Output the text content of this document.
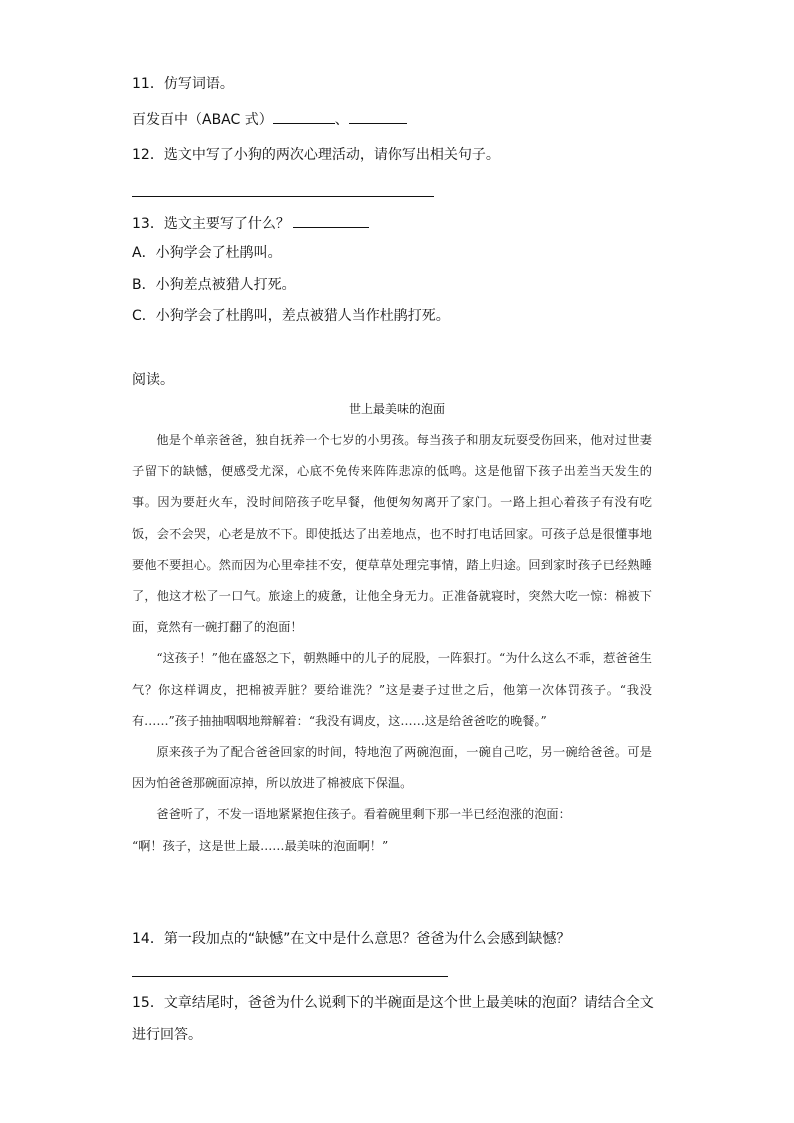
11．仿写词语。
百发百中（ABAC 式）	、
12．选文中写了小狗的两次心理活动，请你写出相关句子。
13．选文主要写了什么？
A．小狗学会了杜鹃叫。
B．小狗差点被猎人打死。
C．小狗学会了杜鹃叫，差点被猎人当作杜鹃打死。
阅读。
世上最美味的泡面

他是个单亲爸爸，独自抚养一个七岁的小男孩。每当孩子和朋友玩耍受伤回来，他对过世妻子留下的缺憾，便感受尤深，心底不免传来阵阵悲凉的低鸣。这是他留下孩子出差当天发生的事。因为要赶火车，没时间陪孩子吃早餐，他便匆匆离开了家门。一路上担心着孩子有没有吃饭，会不会哭，心老是放不下。即使抵达了出差地点，也不时打电话回家。可孩子总是很懂事地要他不要担心。然而因为心里牵挂不安，便草草处理完事情，踏上归途。回到家时孩子已经熟睡了，他这才松了一口气。旅途上的疲惫，让他全身无力。正准备就寝时，突然大吃一惊：棉被下面，竟然有一碗打翻了的泡面！

“这孩子！”他在盛怒之下，朝熟睡中的儿子的屁股，一阵狠打。“为什么这么不乖，惹爸爸生气？你这样调皮，把棉被弄脏？要给谁洗？”这是妻子过世之后，他第一次体罚孩子。“我没有……”孩子抽抽咽咽地辩解着：“我没有调皮，这……这是给爸爸吃的晚餐。”

原来孩子为了配合爸爸回家的时间，特地泡了两碗泡面，一碗自己吃，另一碗给爸爸。可是因为怕爸爸那碗面凉掉，所以放进了棉被底下保温。

爸爸听了，不发一语地紧紧抱住孩子。看着碗里剩下那一半已经泡涨的泡面：

“啊！孩子，这是世上最……最美味的泡面啊！”

14．第一段加点的“缺憾”在文中是什么意思？爸爸为什么会感到缺憾？
15．文章结尾时，爸爸为什么说剩下的半碗面是这个世上最美味的泡面？请结合全文
进行回答。
